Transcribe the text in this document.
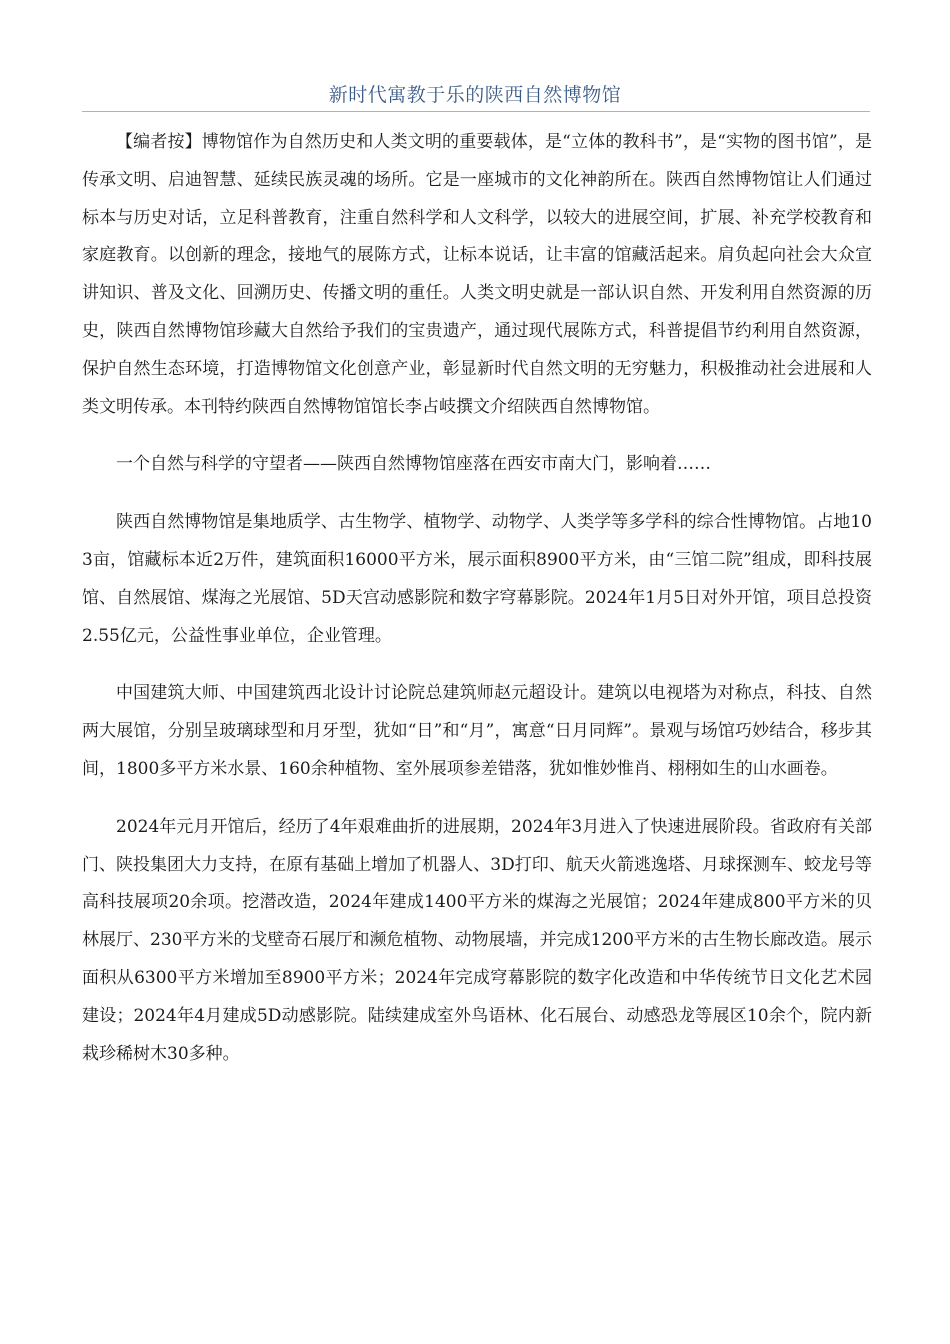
新时代寓教于乐的陕西自然博物馆

【编者按】博物馆作为自然历史和人类文明的重要载体，是“立体的教科书”，是“实物的图书馆”，是传承文明、启迪智慧、延续民族灵魂的场所。它是一座城市的文化神韵所在。陕西自然博物馆让人们通过标本与历史对话，立足科普教育，注重自然科学和人文科学，以较大的进展空间，扩展、补充学校教育和家庭教育。以创新的理念，接地气的展陈方式，让标本说话，让丰富的馆藏活起来。肩负起向社会大众宣讲知识、普及文化、回溯历史、传播文明的重任。人类文明史就是一部认识自然、开发利用自然资源的历史，陕西自然博物馆珍藏大自然给予我们的宝贵遗产，通过现代展陈方式，科普提倡节约利用自然资源，保护自然生态环境，打造博物馆文化创意产业，彰显新时代自然文明的无穷魅力，积极推动社会进展和人类文明传承。本刊特约陕西自然博物馆馆长李占岐撰文介绍陕西自然博物馆。

一个自然与科学的守望者——陕西自然博物馆座落在西安市南大门，影响着……

陕西自然博物馆是集地质学、古生物学、植物学、动物学、人类学等多学科的综合性博物馆。占地103亩，馆藏标本近2万件，建筑面积16000平方米，展示面积8900平方米，由“三馆二院”组成，即科技展馆、自然展馆、煤海之光展馆、5D天宫动感影院和数字穹幕影院。2024年1月5日对外开馆，项目总投资2.55亿元，公益性事业单位，企业管理。

中国建筑大师、中国建筑西北设计讨论院总建筑师赵元超设计。建筑以电视塔为对称点，科技、自然两大展馆，分别呈玻璃球型和月牙型，犹如“日”和“月”，寓意“日月同辉”。景观与场馆巧妙结合，移步其间，1800多平方米水景、160余种植物、室外展项参差错落，犹如惟妙惟肖、栩栩如生的山水画卷。

2024年元月开馆后，经历了4年艰难曲折的进展期，2024年3月进入了快速进展阶段。省政府有关部门、陕投集团大力支持，在原有基础上增加了机器人、3D打印、航天火箭逃逸塔、月球探测车、蛟龙号等高科技展项20余项。挖潜改造，2024年建成1400平方米的煤海之光展馆；2024年建成800平方米的贝林展厅、230平方米的戈壁奇石展厅和濒危植物、动物展墙，并完成1200平方米的古生物长廊改造。展示面积从6300平方米增加至8900平方米；2024年完成穹幕影院的数字化改造和中华传统节日文化艺术园建设；2024年4月建成5D动感影院。陆续建成室外鸟语林、化石展台、动感恐龙等展区10余个，院内新栽珍稀树木30多种。
